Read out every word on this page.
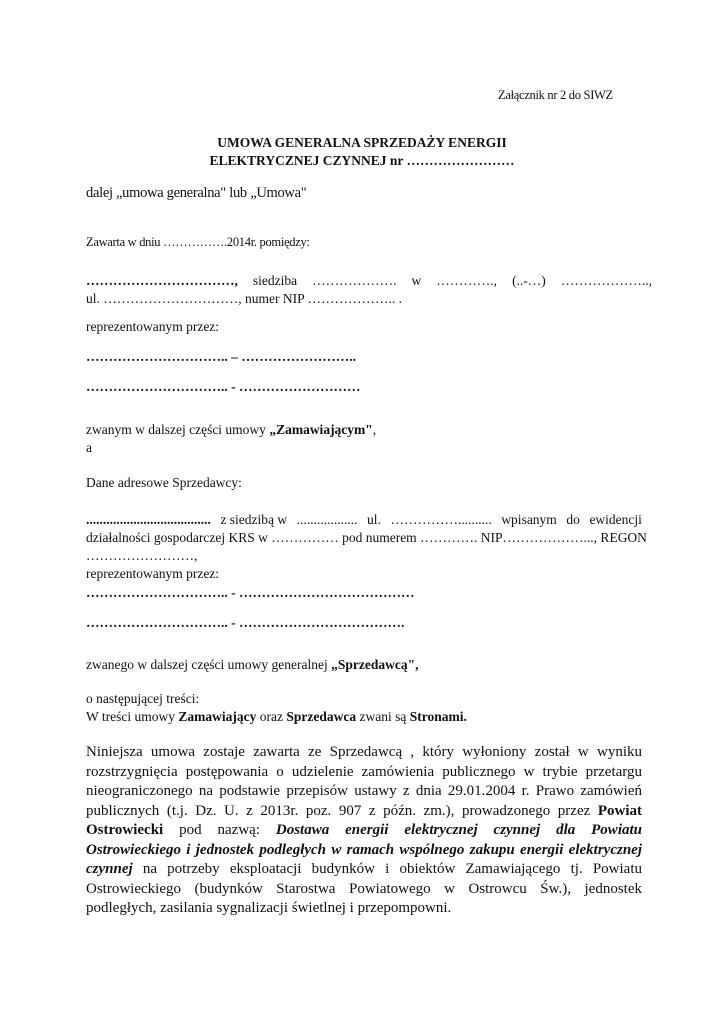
Załącznik nr 2 do SIWZ
UMOWA GENERALNA SPRZEDAŻY ENERGII
ELEKTRYCZNEJ CZYNNEJ nr ……………………
dalej „umowa generalna" lub „Umowa"
Zawarta w dniu …………….2014r. pomiędzy:
……………………………, siedziba ………………. w …………., (..-…) ………………..,
ul. …………………………, numer NIP ……………….. .
reprezentowanym przez:
………………………….. – ……………………..
………………………….. - ………………………
zwanym w dalszej części umowy „Zamawiającym",
a
Dane adresowe Sprzedawcy:
..................................... z siedzibą w .................. ul. …………….......... wpisanym do ewidencji
działalności gospodarczej KRS w …………… pod numerem …………. NIP………………..., REGON
……………………,
reprezentowanym przez:
………………………….. - …………………………………
………………………….. - ……………………………….
zwanego w dalszej części umowy generalnej „Sprzedawcą",
o następującej treści:
W treści umowy Zamawiający oraz Sprzedawca zwani są Stronami.
Niniejsza umowa zostaje zawarta ze Sprzedawcą , który wyłoniony został w wyniku rozstrzygnięcia postępowania o udzielenie zamówienia publicznego w trybie przetargu nieograniczonego na podstawie przepisów ustawy z dnia 29.01.2004 r. Prawo zamówień publicznych (t.j. Dz. U. z 2013r. poz. 907 z późn. zm.), prowadzonego przez Powiat Ostrowiecki pod nazwą: Dostawa energii elektrycznej czynnej dla Powiatu Ostrowieckiego i jednostek podległych w ramach wspólnego zakupu energii elektrycznej czynnej na potrzeby eksploatacji budynków i obiektów Zamawiającego tj. Powiatu Ostrowieckiego (budynków Starostwa Powiatowego w Ostrowcu Św.), jednostek podległych, zasilania sygnalizacji świetlnej i przepompowni.
